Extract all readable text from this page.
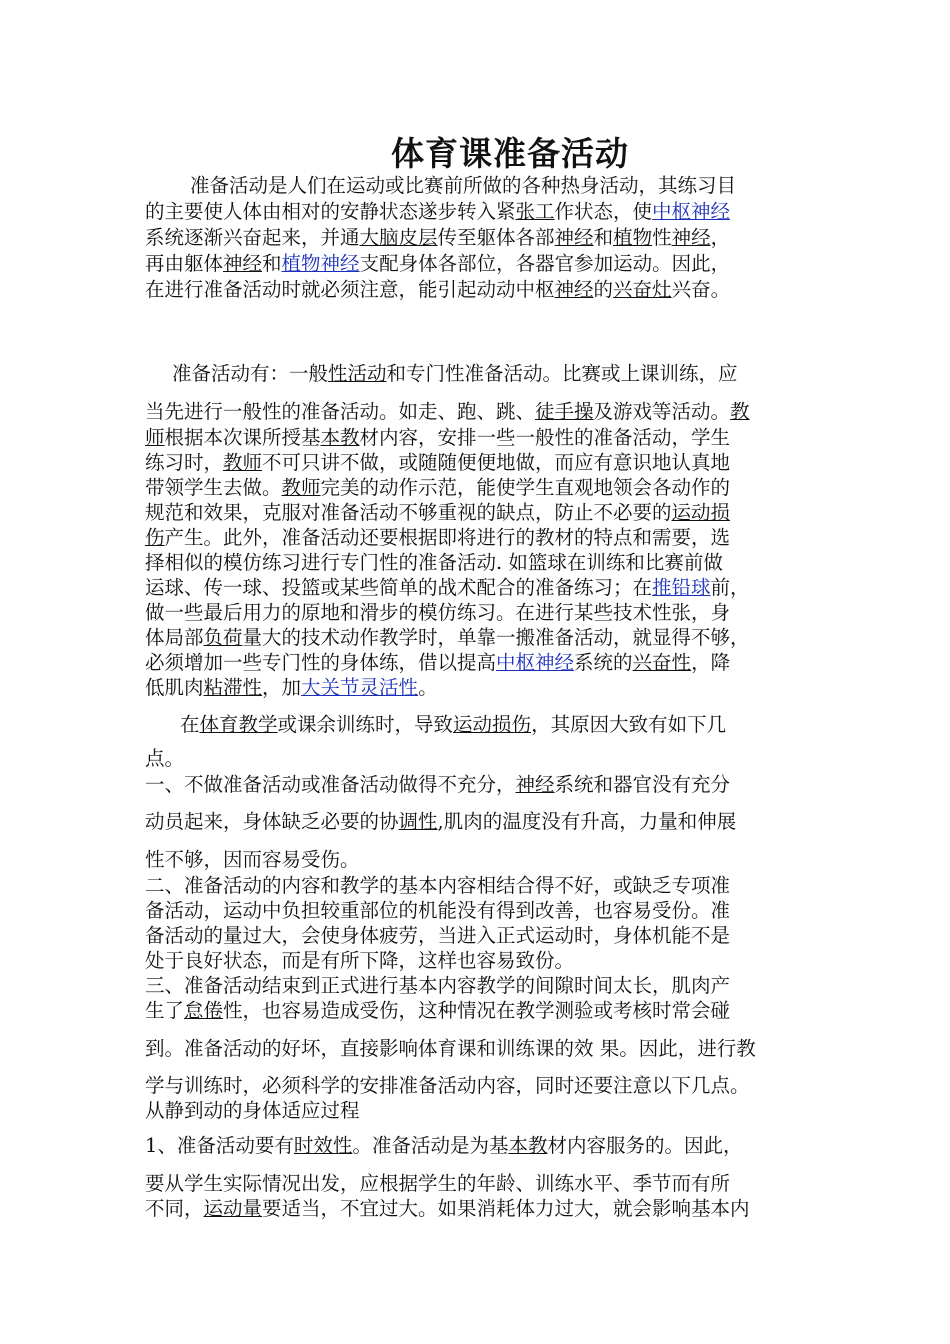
体育课准备活动
准备活动是人们在运动或比赛前所做的各种热身活动，其练习目
的主要使人体由相对的安静状态遂步转入紧张工作状态，使中枢神经
系统逐渐兴奋起来，并通大脑皮层传至躯体各部神经和植物性神经，
再由躯体神经和植物神经支配身体各部位，各器官参加运动。因此，
在进行准备活动时就必须注意，能引起动动中枢神经的兴奋灶兴奋。
准备活动有：一般性活动和专门性准备活动。比赛或上课训练，应
当先进行一般性的准备活动。如走、跑、跳、徒手操及游戏等活动。教
师根据本次课所授基本教材内容，安排一些一般性的准备活动，学生
练习时，教师不可只讲不做，或随随便便地做，而应有意识地认真地
带领学生去做。教师完美的动作示范，能使学生直观地领会各动作的
规范和效果，克服对准备活动不够重视的缺点，防止不必要的运动损
伤产生。此外，准备活动还要根据即将进行的教材的特点和需要，选
择相似的模仿练习进行专门性的准备活动. 如篮球在训练和比赛前做
运球、传一球、投篮或某些简单的战术配合的准备练习；在推铅球前，
做一些最后用力的原地和滑步的模仿练习。在进行某些技术性张，身
体局部负荷量大的技术动作教学时，单靠一搬准备活动，就显得不够，
必须增加一些专门性的身体练，借以提高中枢神经系统的兴奋性，降
低肌肉粘滞性，加大关节灵活性。
在体育教学或课余训练时，导致运动损伤，其原因大致有如下几
点。
一、不做准备活动或准备活动做得不充分，神经系统和器官没有充分
动员起来，身体缺乏必要的协调性,肌肉的温度没有升高，力量和伸展
性不够，因而容易受伤。
二、准备活动的内容和教学的基本内容相结合得不好，或缺乏专项准
备活动，运动中负担较重部位的机能没有得到改善，也容易受份。准
备活动的量过大，会使身体疲劳，当进入正式运动时，身体机能不是
处于良好状态，而是有所下降，这样也容易致份。
三、准备活动结束到正式进行基本内容教学的间隙时间太长，肌肉产
生了怠倦性，也容易造成受伤，这种情况在教学测验或考核时常会碰
到。准备活动的好坏，直接影响体育课和训练课的效 果。因此，进行教
学与训练时，必须科学的安排准备活动内容，同时还要注意以下几点。
从静到动的身体适应过程
1、准备活动要有时效性。准备活动是为基本教材内容服务的。因此，
要从学生实际情况出发，应根据学生的年龄、训练水平、季节而有所
不同，运动量要适当，不宜过大。如果消耗体力过大，就会影响基本内
